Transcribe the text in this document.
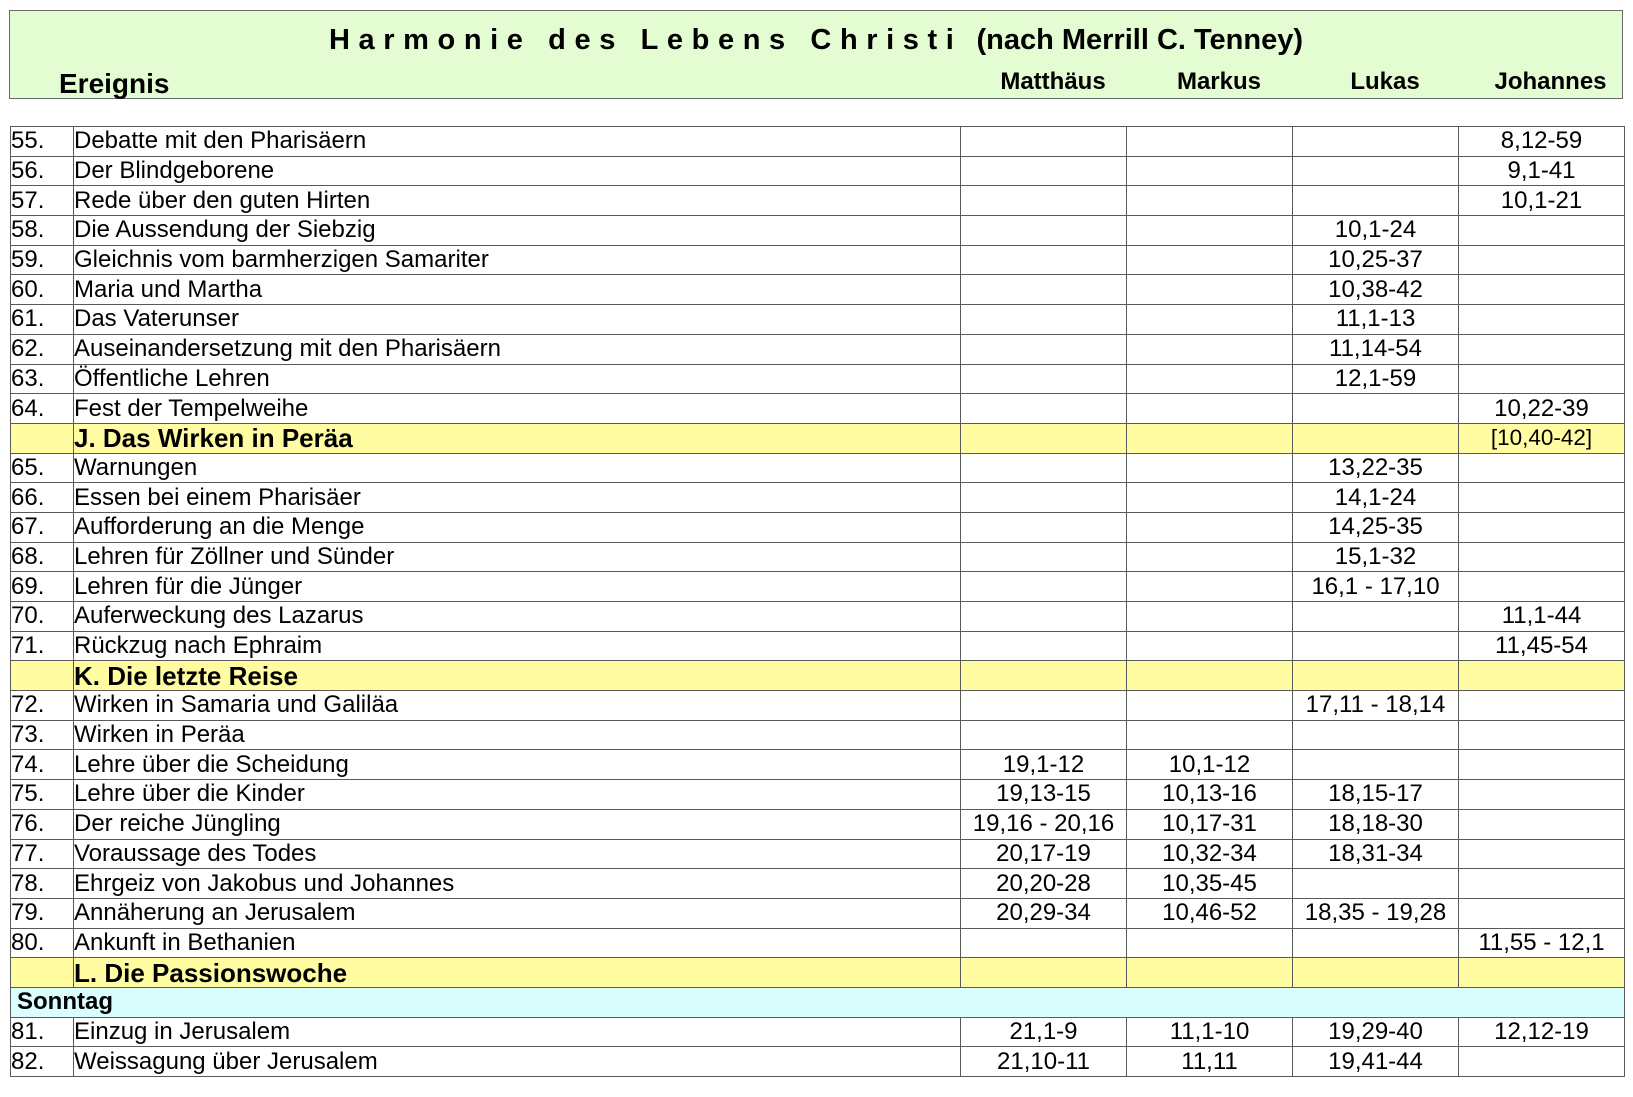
Harmonie des Lebens Christi (nach Merrill C. Tenney)
Ereignis	Matthäus	Markus	Lukas	Johannes
55.	Debatte mit den Pharisäern				8,12-59
56.	Der Blindgeborene				9,1-41
57.	Rede über den guten Hirten				10,1-21
58.	Die Aussendung der Siebzig			10,1-24	
59.	Gleichnis vom barmherzigen Samariter			10,25-37	
60.	Maria und Martha			10,38-42	
61.	Das Vaterunser			11,1-13	
62.	Auseinandersetzung mit den Pharisäern			11,14-54	
63.	Öffentliche Lehren			12,1-59	
64.	Fest der Tempelweihe				10,22-39
	J. Das Wirken in Peräa				[10,40-42]
65.	Warnungen			13,22-35	
66.	Essen bei einem Pharisäer			14,1-24	
67.	Aufforderung an die Menge			14,25-35	
68.	Lehren für Zöllner und Sünder			15,1-32	
69.	Lehren für die Jünger			16,1 - 17,10	
70.	Auferweckung des Lazarus				11,1-44
71.	Rückzug nach Ephraim				11,45-54
	K. Die letzte Reise				
72.	Wirken in Samaria und Galiläa			17,11 - 18,14	
73.	Wirken in Peräa				
74.	Lehre über die Scheidung	19,1-12	10,1-12		
75.	Lehre über die Kinder	19,13-15	10,13-16	18,15-17	
76.	Der reiche Jüngling	19,16 - 20,16	10,17-31	18,18-30	
77.	Voraussage des Todes	20,17-19	10,32-34	18,31-34	
78.	Ehrgeiz von Jakobus und Johannes	20,20-28	10,35-45		
79.	Annäherung an Jerusalem	20,29-34	10,46-52	18,35 - 19,28	
80.	Ankunft in Bethanien				11,55 - 12,1
	L. Die Passionswoche				
Sonntag					
81.	Einzug in Jerusalem	21,1-9	11,1-10	19,29-40	12,12-19
82.	Weissagung über Jerusalem	21,10-11	11,11	19,41-44	
